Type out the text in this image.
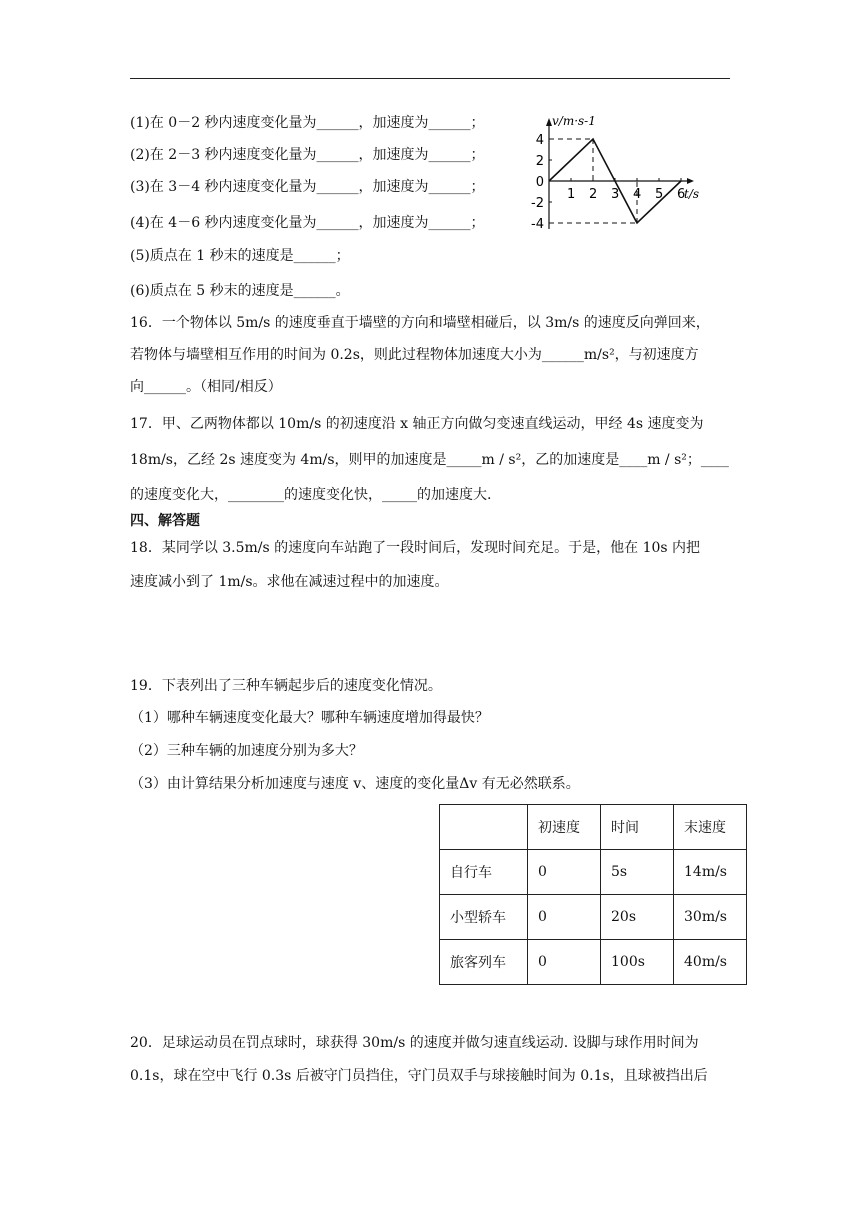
(1)在 0－2 秒内速度变化量为______，加速度为______；
(2)在 2－3 秒内速度变化量为______，加速度为______；
(3)在 3－4 秒内速度变化量为______，加速度为______；
(4)在 4－6 秒内速度变化量为______，加速度为______；
(5)质点在 1 秒末的速度是______；
(6)质点在 5 秒末的速度是______。
1 2 3 4 5 6
4
2
0
-2
-4
v/m·s-1
t/s
16．一个物体以 5m/s 的速度垂直于墙壁的方向和墙壁相碰后，以 3m/s 的速度反向弹回来，
若物体与墙壁相互作用的时间为 0.2s，则此过程物体加速度大小为______m/s²，与初速度方
向______。（相同/相反）
17．甲、乙两物体都以 10m/s 的初速度沿 x 轴正方向做匀变速直线运动，甲经 4s 速度变为
18m/s，乙经 2s 速度变为 4m/s，则甲的加速度是_____m / s²，乙的加速度是____m / s²；____
的速度变化大，________的速度变化快，_____的加速度大.
四、解答题
18．某同学以 3.5m/s 的速度向车站跑了一段时间后，发现时间充足。于是，他在 10s 内把
速度减小到了 1m/s。求他在减速过程中的加速度。
19．下表列出了三种车辆起步后的速度变化情况。
（1）哪种车辆速度变化最大？哪种车辆速度增加得最快？
（2）三种车辆的加速度分别为多大？
（3）由计算结果分析加速度与速度 v、速度的变化量Δv 有无必然联系。
	初速度	时间	末速度
自行车	0	5s	14m/s
小型轿车	0	20s	30m/s
旅客列车	0	100s	40m/s
20．足球运动员在罚点球时，球获得 30m/s 的速度并做匀速直线运动. 设脚与球作用时间为
0.1s，球在空中飞行 0.3s 后被守门员挡住，守门员双手与球接触时间为 0.1s，且球被挡出后
